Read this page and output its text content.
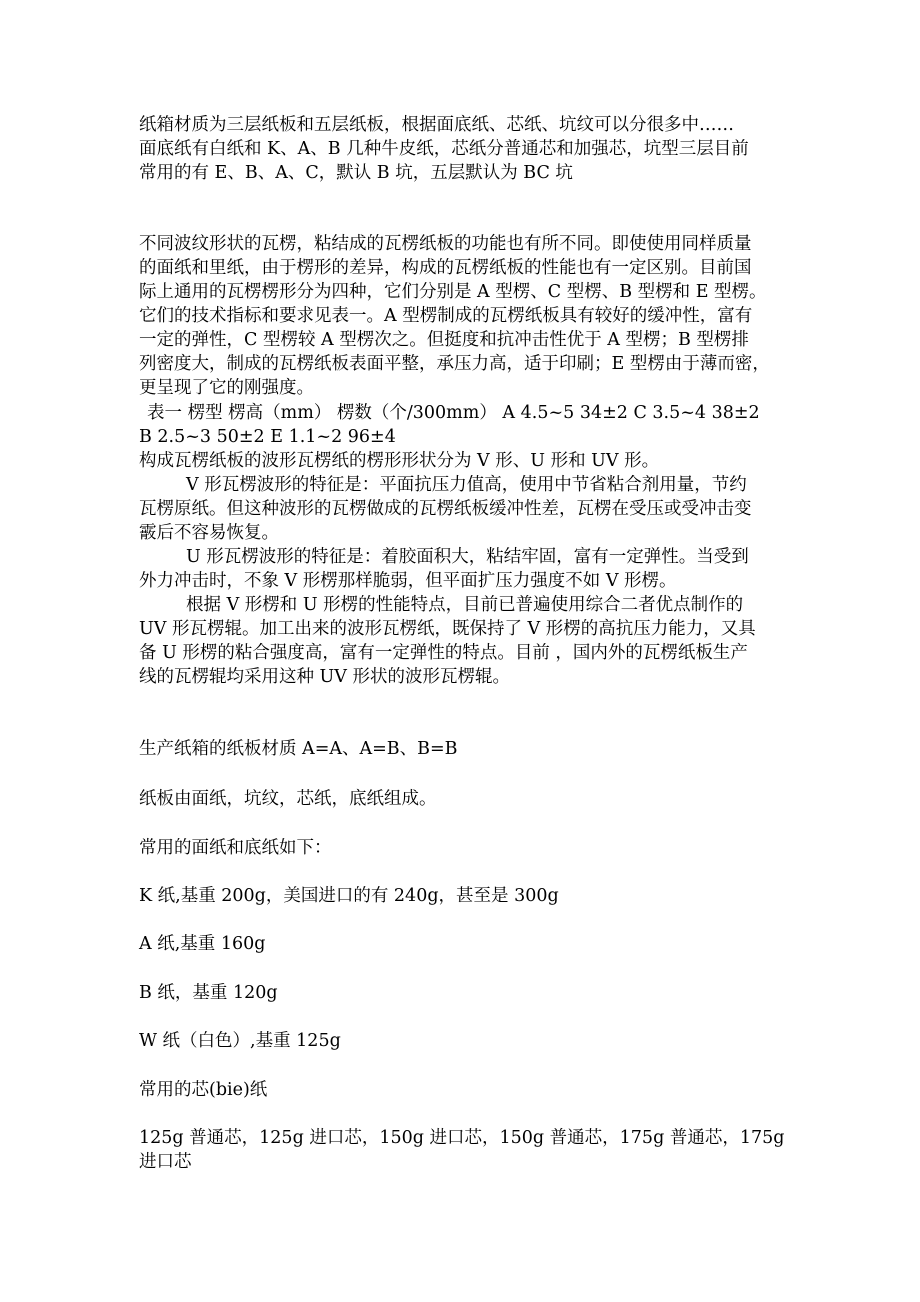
纸箱材质为三层纸板和五层纸板，根据面底纸、芯纸、坑纹可以分很多中……
面底纸有白纸和 K、A、B 几种牛皮纸，芯纸分普通芯和加强芯，坑型三层目前
常用的有 E、B、A、C，默认 B 坑，五层默认为 BC 坑
不同波纹形状的瓦楞，粘结成的瓦楞纸板的功能也有所不同。即使使用同样质量
的面纸和里纸，由于楞形的差异，构成的瓦楞纸板的性能也有一定区别。目前国
际上通用的瓦楞楞形分为四种，它们分别是 A 型楞、C 型楞、B 型楞和 E 型楞。
它们的技术指标和要求见表一。A 型楞制成的瓦楞纸板具有较好的缓冲性，富有
一定的弹性，C 型楞较 A 型楞次之。但挺度和抗冲击性优于 A 型楞；B 型楞排
列密度大，制成的瓦楞纸板表面平整，承压力高，适于印刷；E 型楞由于薄而密，
更呈现了它的刚强度。
表一 楞型 楞高（mm） 楞数（个/300mm） A 4.5~5 34±2 C 3.5~4 38±2
B 2.5~3 50±2 E 1.1~2 96±4
构成瓦楞纸板的波形瓦楞纸的楞形形状分为 V 形、U 形和 UV 形。
V 形瓦楞波形的特征是：平面抗压力值高，使用中节省粘合剂用量，节约
瓦楞原纸。但这种波形的瓦楞做成的瓦楞纸板缓冲性差，瓦楞在受压或受冲击变
霰后不容易恢复。
U 形瓦楞波形的特征是：着胶面积大，粘结牢固，富有一定弹性。当受到
外力冲击时，不象 V 形楞那样脆弱，但平面扩压力强度不如 V 形楞。
根据 V 形楞和 U 形楞的性能特点，目前已普遍使用综合二者优点制作的
UV 形瓦楞辊。加工出来的波形瓦楞纸，既保持了 V 形楞的高抗压力能力，又具
备 U 形楞的粘合强度高，富有一定弹性的特点。目前 ，国内外的瓦楞纸板生产
线的瓦楞辊均采用这种 UV 形状的波形瓦楞辊。
生产纸箱的纸板材质 A=A、A=B、B=B
纸板由面纸，坑纹，芯纸，底纸组成。
常用的面纸和底纸如下：
K 纸,基重 200g，美国进口的有 240g，甚至是 300g
A 纸,基重 160g
B 纸，基重 120g
W 纸（白色）,基重 125g
常用的芯(bie)纸
125g 普通芯，125g 进口芯，150g 进口芯，150g 普通芯，175g 普通芯，175g
进口芯
